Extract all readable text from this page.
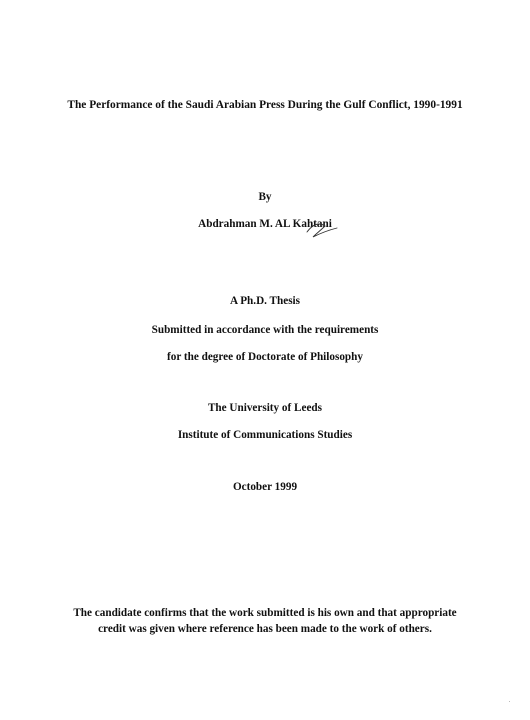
The Performance of the Saudi Arabian Press During the Gulf Conflict, 1990-1991
By
Abdrahman M. AL Kahtani
A Ph.D. Thesis
Submitted in accordance with the requirements
for the degree of Doctorate of Philosophy
The University of Leeds
Institute of Communications Studies
October 1999
The candidate confirms that the work submitted is his own and that appropriate
credit was given where reference has been made to the work of others.
